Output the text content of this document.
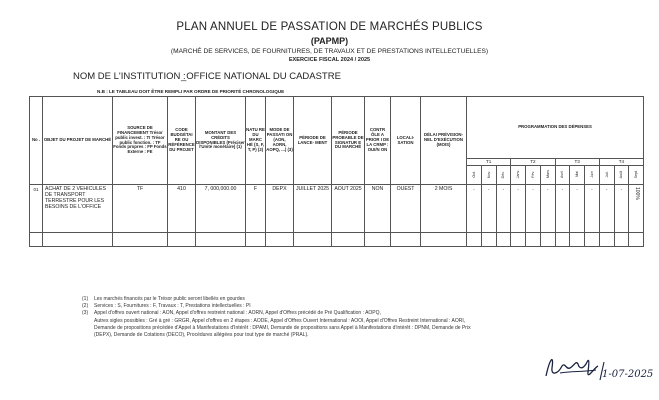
PLAN ANNUEL DE PASSATION DE MARCHÉS PUBLICS
(PAPMP)
(MARCHÉ DE SERVICES, DE FOURNITURES, DE TRAVAUX ET DE PRESTATIONS INTELLECTUELLES)
EXERCICE FISCAL 2024 / 2025
NOM DE L'INSTITUTION :
_OFFICE NATIONAL DU CADASTRE
N.B : LE TABLEAU DOIT ÊTRE REMPLI PAR ORDRE DE PRIORITÉ CHRONOLOGIQUE
No .	OBJET DU PROJET DE MARCHÉ	SOURCE DE FINANCEMENT Trésor public invest. : TI Trésor public fonction. : TF Fonds propres : FP Fonds Externe : FE	CODE BUDGÉTAI RE OU RÉFÉRENCE DU PROJET	MONTANT DES CRÉDITS DISPONIBLES (Préciser l'Unité monétaire) (1)	NATU RE DU MARC HÉ (S, F, T, P) (2)	MODE DE PASSATI ON (AON, AORN, AOPQ, ...) (3)	PÉRIODE DE LANCE- MENT	PÉRIODE PROBABLE DE SIGNATUR E DU MARCHÉ	CONTR ÔLE A PRIOR I DE LA CRMP : OUI/N ON	LOCALI- SATION	DÉLAI PRÉVISION- NEL D'EXÉCUTION (MOIS)	PROGRAMMATION DES DÉPENSES											
												T1			T2			T3			T4		
												Oct.	Nov.	Déc.	Janv.	Fév.	Mars	Avril	Mai	Juin	Juil.	Août	Sept.
01	ACHAT DE 2 VEHICULES DE TRANSPORT TERRESTRE POUR LES BESOINS DE L'OFFICE	TF	410	7, 000,000.00	F	DEPX	JUILLET 2025	AOUT 2025	NON	OUEST	2 MOIS	-	-	-	-	-	-	-	-	-	-	-	100%

(1)	Les marchés financés par le Trésor public seront libellés en gourdes
(2)	Services : S, Fournitures : F, Travaux : T, Prestations intellectuelles : PI
(3)	Appel d'offres ouvert national : AON, Appel d'offres restreint national : AORN, Appel d'Offres précédé de Pré Qualification : AOPQ,
Autres sigles possibles : Gré à gré : GRGR, Appel d'offres en 2 étapes : AODE, Appel d'Offres Ouvert International : AOOI, Appel d'Offres Restreint International : AORI,
Demande de propositions précédée d'Appel à Manifestations d'Intérêt : DPAMI, Demande de propositions sans Appel à Manifestations d'intérêt : DPNM, Demande de Prix
(DEPX), Demande de Cotations (DECO), Procédures allégées pour tout type de marché (PRAL).
1-07-2025
